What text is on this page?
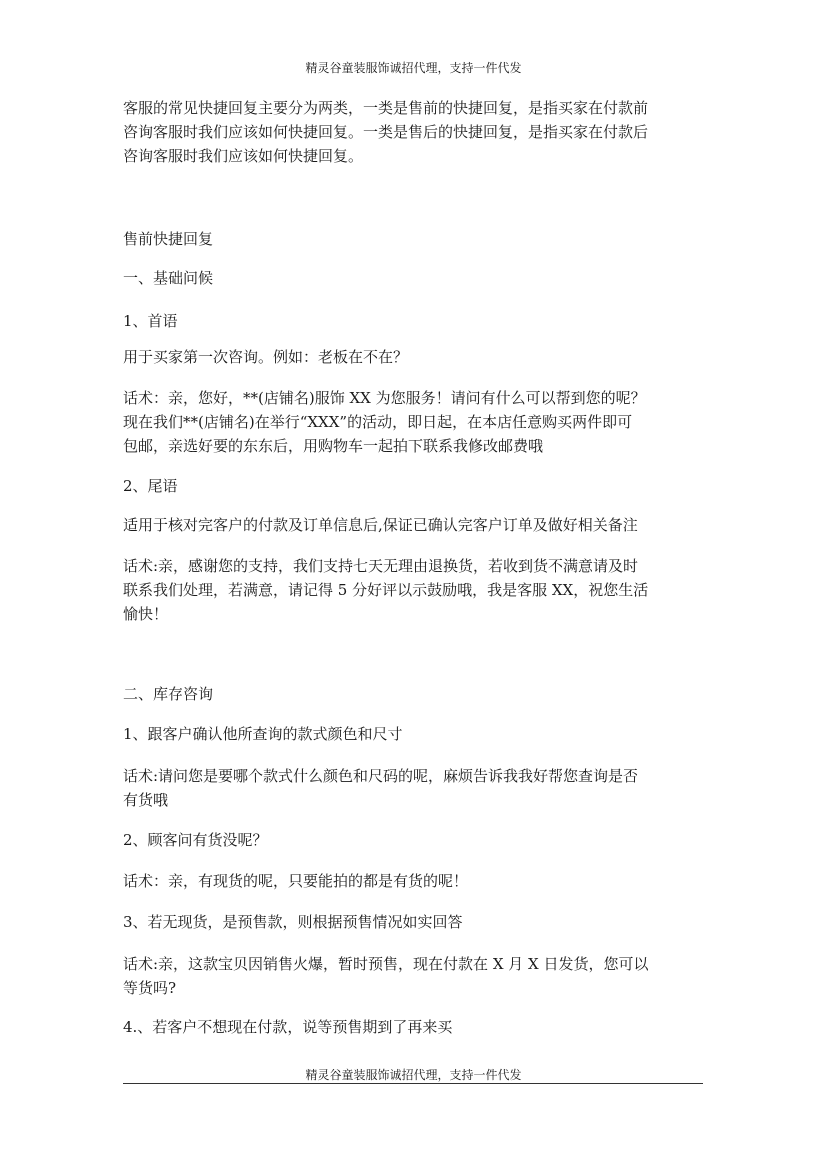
精灵谷童装服饰诚招代理，支持一件代发

客服的常见快捷回复主要分为两类，一类是售前的快捷回复，是指买家在付款前
咨询客服时我们应该如何快捷回复。一类是售后的快捷回复，是指买家在付款后
咨询客服时我们应该如何快捷回复。

售前快捷回复

一、基础问候

1、首语

用于买家第一次咨询。例如：老板在不在？

话术：亲，您好，**(店铺名)服饰 XX 为您服务！请问有什么可以帮到您的呢？
现在我们**(店铺名)在举行“XXX”的活动，即日起，在本店任意购买两件即可
包邮，亲选好要的东东后，用购物车一起拍下联系我修改邮费哦

2、尾语

适用于核对完客户的付款及订单信息后,保证已确认完客户订单及做好相关备注

话术:亲，感谢您的支持，我们支持七天无理由退换货，若收到货不满意请及时
联系我们处理，若满意，请记得 5 分好评以示鼓励哦，我是客服 XX，祝您生活
愉快！

二、库存咨询

1、跟客户确认他所查询的款式颜色和尺寸

话术:请问您是要哪个款式什么颜色和尺码的呢，麻烦告诉我我好帮您查询是否
有货哦

2、顾客问有货没呢？

话术：亲，有现货的呢，只要能拍的都是有货的呢！

3、若无现货，是预售款，则根据预售情况如实回答

话术:亲，这款宝贝因销售火爆，暂时预售，现在付款在 X 月 X 日发货，您可以
等货吗?

4.、若客户不想现在付款，说等预售期到了再来买

精灵谷童装服饰诚招代理，支持一件代发
